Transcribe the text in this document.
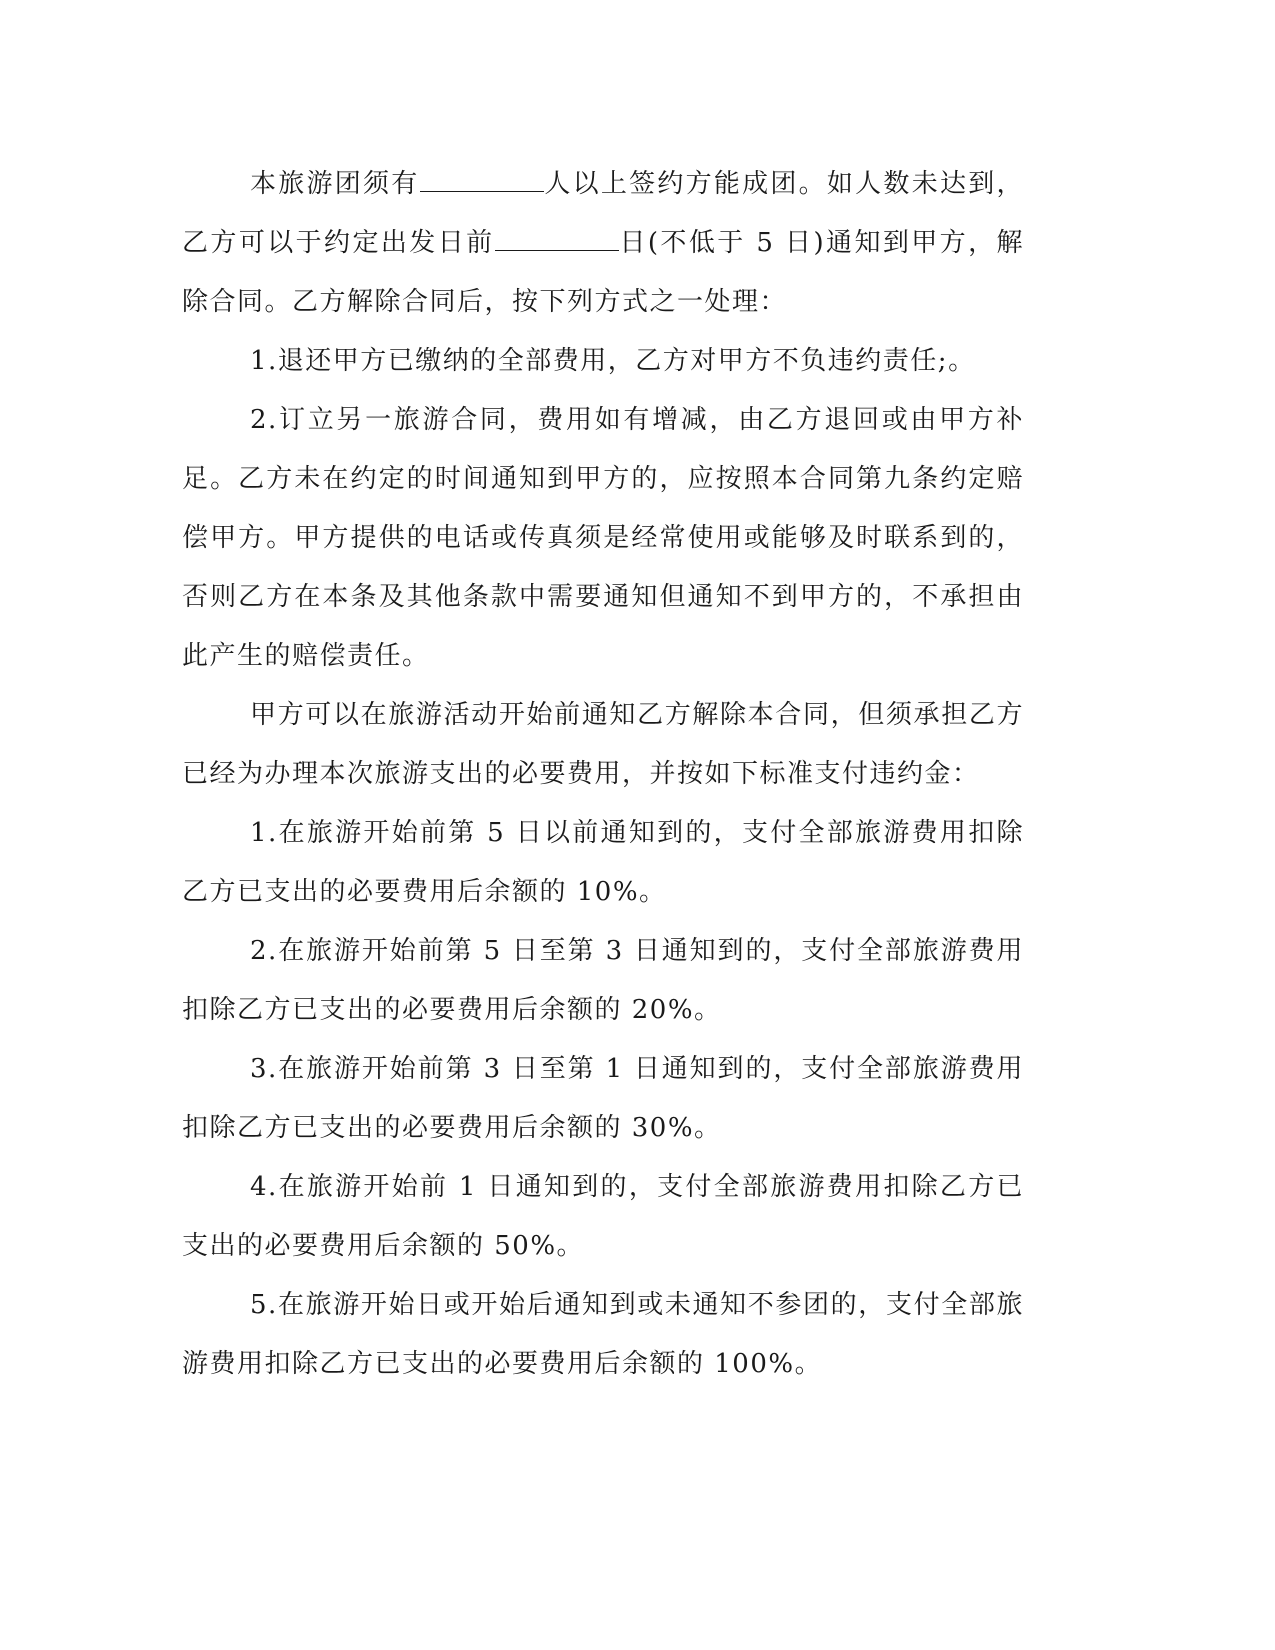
本旅游团须有	人以上签约方能成团。如人数未达到，乙方可以于约定出发日前	日(不低于 5 日)通知到甲方，解除合同。乙方解除合同后，按下列方式之一处理：

1.退还甲方已缴纳的全部费用，乙方对甲方不负违约责任;。

2.订立另一旅游合同，费用如有增减，由乙方退回或由甲方补足。乙方未在约定的时间通知到甲方的，应按照本合同第九条约定赔偿甲方。甲方提供的电话或传真须是经常使用或能够及时联系到的，否则乙方在本条及其他条款中需要通知但通知不到甲方的，不承担由此产生的赔偿责任。

甲方可以在旅游活动开始前通知乙方解除本合同，但须承担乙方已经为办理本次旅游支出的必要费用，并按如下标准支付违约金：

1.在旅游开始前第 5 日以前通知到的，支付全部旅游费用扣除乙方已支出的必要费用后余额的 10%。

2.在旅游开始前第 5 日至第 3 日通知到的，支付全部旅游费用扣除乙方已支出的必要费用后余额的 20%。

3.在旅游开始前第 3 日至第 1 日通知到的，支付全部旅游费用扣除乙方已支出的必要费用后余额的 30%。

4.在旅游开始前 1 日通知到的，支付全部旅游费用扣除乙方已支出的必要费用后余额的 50%。

5.在旅游开始日或开始后通知到或未通知不参团的，支付全部旅游费用扣除乙方已支出的必要费用后余额的 100%。
